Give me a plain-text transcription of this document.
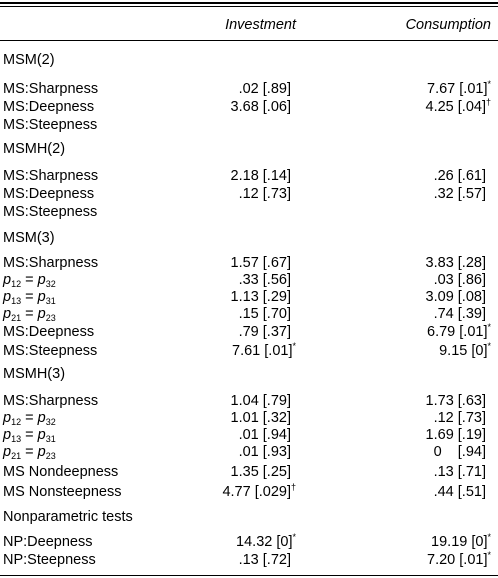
Investment	Consumption
MSM(2)
MS:Sharpness	.02 [.89]	7.67 [.01]*
MS:Deepness	3.68 [.06]	4.25 [.04]†
MS:Steepness
MSMH(2)
MS:Sharpness	2.18 [.14]	.26 [.61]
MS:Deepness	.12 [.73]	.32 [.57]
MS:Steepness
MSM(3)
MS:Sharpness	1.57 [.67]	3.83 [.28]
$p_{12} = p_{32}$	.33 [.56]	.03 [.86]
$p_{13} = p_{31}$	1.13 [.29]	3.09 [.08]
$p_{21} = p_{23}$	.15 [.70]	.74 [.39]
MS:Deepness	.79 [.37]	6.79 [.01]*
MS:Steepness	7.61 [.01]*	9.15 [0]*
MSMH(3)
MS:Sharpness	1.04 [.79]	1.73 [.63]
$p_{12} = p_{32}$	1.01 [.32]	.12 [.73]
$p_{13} = p_{31}$	.01 [.94]	1.69 [.19]
$p_{21} = p_{23}$	.01 [.93]	0    [.94]
MS Nondeepness	1.35 [.25]	.13 [.71]
MS Nonsteepness	4.77 [.029]†	.44 [.51]
Nonparametric tests
NP:Deepness	14.32 [0]*	19.19 [0]*
NP:Steepness	.13 [.72]	7.20 [.01]*
